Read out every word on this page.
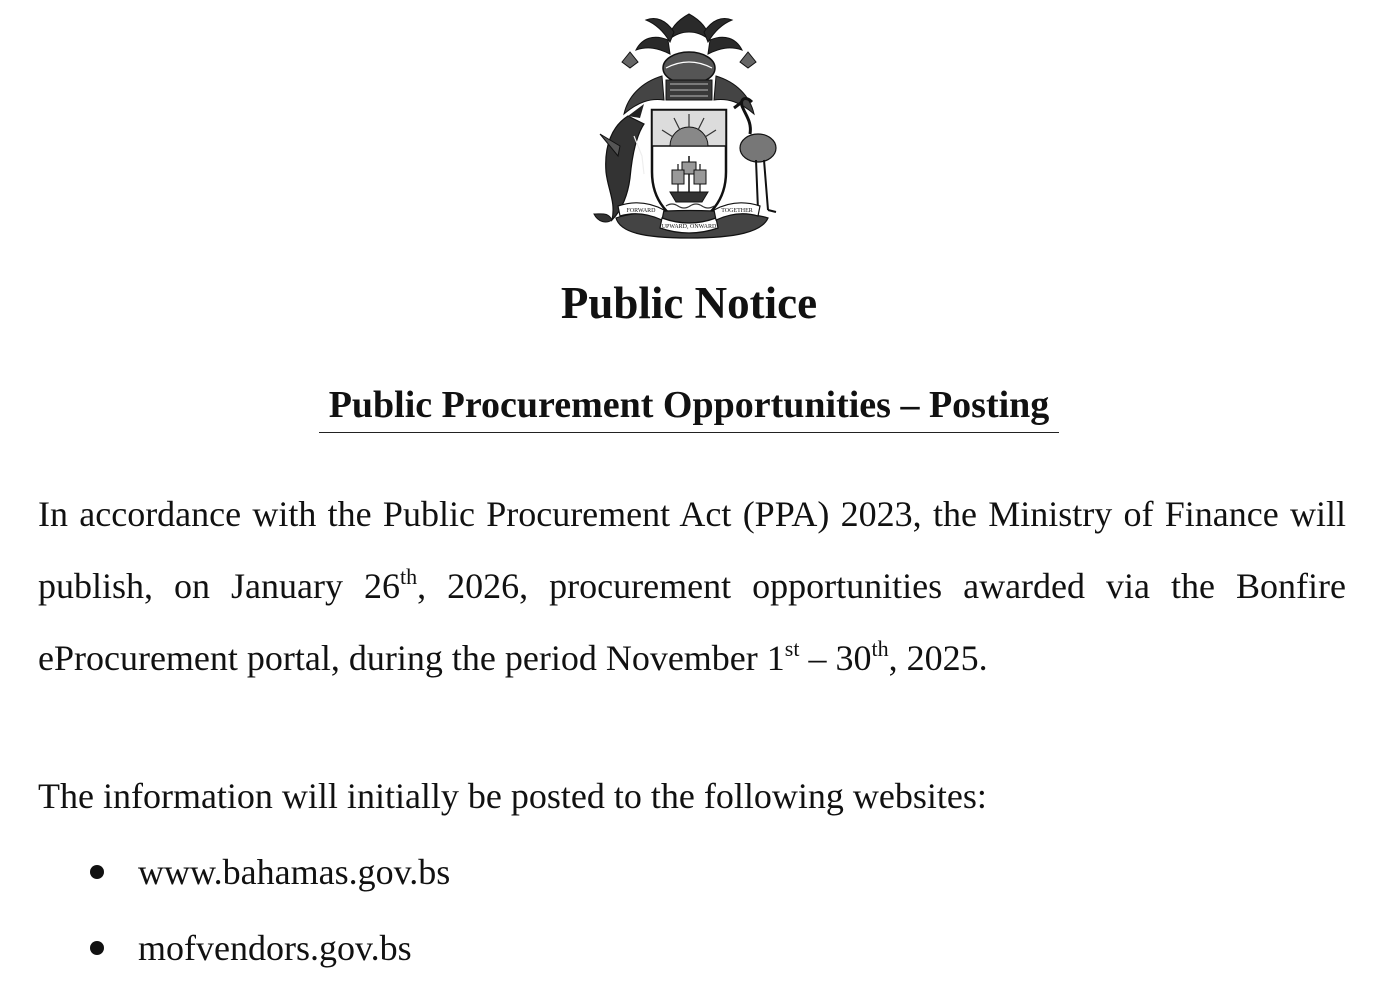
FORWARD
UPWARD, ONWARD
TOGETHER
Public Notice
Public Procurement Opportunities – Posting

In accordance with the Public Procurement Act (PPA) 2023, the Ministry of Finance will publish, on January 26th, 2026, procurement opportunities awarded via the Bonfire eProcurement portal, during the period November 1st – 30th, 2025.

The information will initially be posted to the following websites:

www.bahamas.gov.bs
mofvendors.gov.bs
